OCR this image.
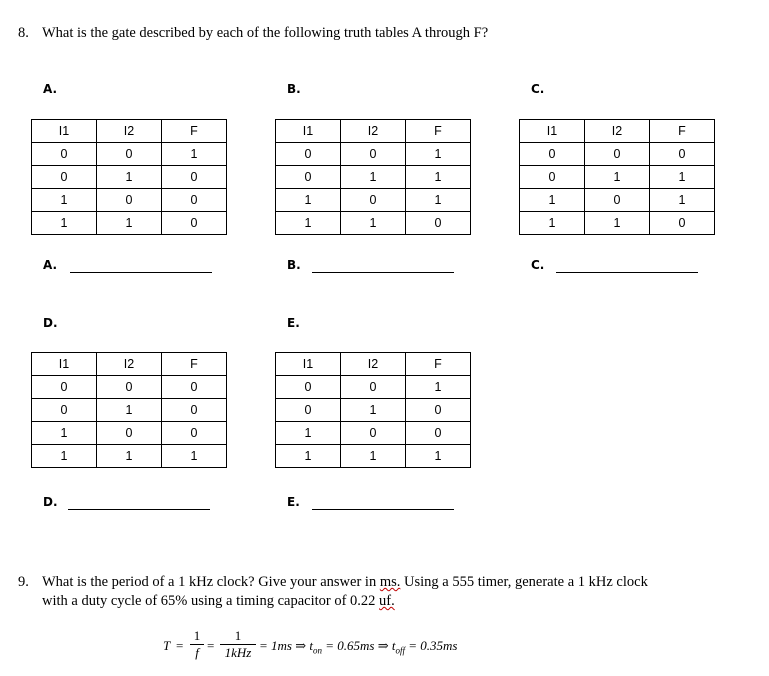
8. What is the gate described by each of the following truth tables A through F?
A.	B.	C.
D.	E.
I1	I2	F
0	0	1
0	1	0
1	0	0
1	1	0
I1	I2	F
0	0	1
0	1	1
1	0	1
1	1	0
I1	I2	F
0	0	0
0	1	1
1	0	1
1	1	0
A.	B.	C.
I1	I2	F
0	0	0
0	1	0
1	0	0
1	1	1
I1	I2	F
0	0	1
0	1	0
1	0	0
1	1	1
D.	E.
9. What is the period of a 1 kHz clock? Give your answer in ms. Using a 555 timer, generate a 1 kHz clock
with a duty cycle of 65% using a timing capacitor of 0.22 uf.
$T = \frac{1}{f}$ =
1
1kHz = 1ms ⇒ $t_{on} = 0.65ms$ ⇒ $t_{off} = 0.35ms$
